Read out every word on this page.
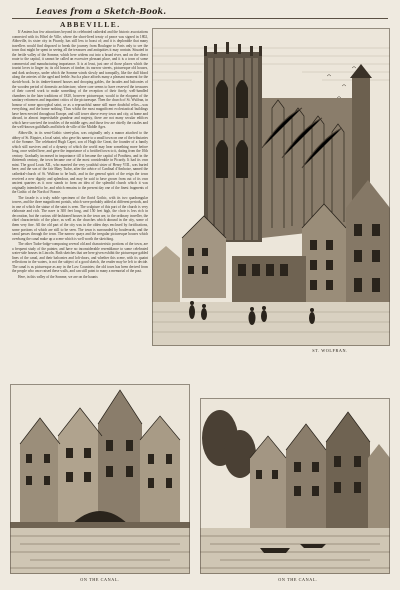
Leaves from a Sketch-Book.
ABBEVILLE.

If Amiens has few attractions beyond its celebrated cathedral and the historic associations connected with its Hôtel de Ville, where the short-lived treaty of peace was signed in 1802, Abbeville, its sister city in Picardy, has still less to boast of; and it is deplorable that many travellers would find disposed to break the journey from Boulogne to Paris only to see the town that might be spent in seeing all the treasures and antiquities it may contain. Situated in the fertile valley of the Somme, which here widens out into a broad river, and on the direct route to the capital, it cannot be called an excessive pleasant place, and it is a town of some commercial and manufacturing importance. It is at least, just one of those places which the tourist loves to linger in; its old houses of timber, its narrow streets, picturesque old houses, and dark archways, under which the Somme winds slowly and tranquilly, like the dull blood along the arteries of the aged and feeble. Such a place affords many a pleasant moment for the sketch-book. In its timber-framed houses and drooping gables, the facades and balconies of the wooden period of domestic architecture, where care seems to have reserved the treasures of their carved work to make something of the reception of their finely, well-handled chambers in the later traditions of 1820, however picturesque, would to the eloquent of the sanitary reformers and impatient critics of the picturesque. Then the church of St. Wulfran, in honour of some apocryphal saint, or as a reproachful name still more doubtful relics—was everything, and the home nothing. Thus whilst the most magnificent ecclesiastical buildings have been erected throughout Europe, and still tower above every town and city, at home and abroad, in almost imperishable grandeur and majesty, there are not many secular edifices which have survived the troubles of the middle ages; and those few are chiefly the castles and the well-known guildhalls and hôtels de ville of the Middle Ages.

Abbeville, in its semi-Gothic street-plan, was originally only a manor attached to the abbey of St. Riquier, a local saint, who gave his name to a small town on one of the tributaries of the Somme. The celebrated Hugh Capet, son of Hugh the Great, the founder of a family which still survives and of a dynasty of which the world may hear something more before long, once settled here, and gave the importance of a fortified town to it, dating from the 10th century. Gradually increased in importance till it became the capital of Ponthieu, and in the thirteenth century, the town became one of the most considerable in Picardy. It had its own mint. The good Louis XII., who married the very youthful sister of Henry VIII., was buried here; and the son of the fair Mary Tudor, after the advice of Cardinal d'Amboise, named the cathedral-church of St. Wulfran to be built, and in the general spirit of the reign the town received a new dignity and splendour, and may be said to have grown from out of its own ancient quarters as it now stands to form an idea of the splendid church which it was originally intended to be, and which remains to the present day one of the finest fragments of the Gothic of the North of France.

The facade is a truly noble specimen of the florid Gothic, with its two quadrangular towers, and the three magnificent portals, which were probably added at different periods, and in one of which the statue of the saint is seen. The sculpture of this part of the church is very elaborate and rich. The nave is 300 feet long, and 150 feet high, the choir is less rich in decoration, but the curious old-fashioned houses in the town are, to the ordinary traveller, the chief characteristic of the place, as well as the churches which abound in the city, some of them very fine. All the old part of the city was in the olden days enclosed by fortifications, some portions of which are still to be seen. The town is surrounded by boulevards, and the canal passes through the town. The narrow quays and the irregular picturesque houses which overhang the canal make up a scene which is well worth the sketching.

The other Tudor-lodge-composing several old and characteristic portions of the town, are a frequent study of the painter, and have no inconsiderable resemblance to some celebrated water-side houses in Lincoln. Both sketches that are here given exhibit the picturesque gabled lines of the canal, and their balconies and loft-doors, and whether this scene, with its quaint reflections in the waters, is not the subject of a good sketch, the reader may be left to decide. The canal is as picturesque as any in the Low Countries; the old town has been derived from the people who once raised these walls, and can still point to many a memorial of the past.

Here, in this valley of the Somme, we are on the haunts

ST. WOLFRAN.
ON THE CANAL.	ON THE CANAL.
